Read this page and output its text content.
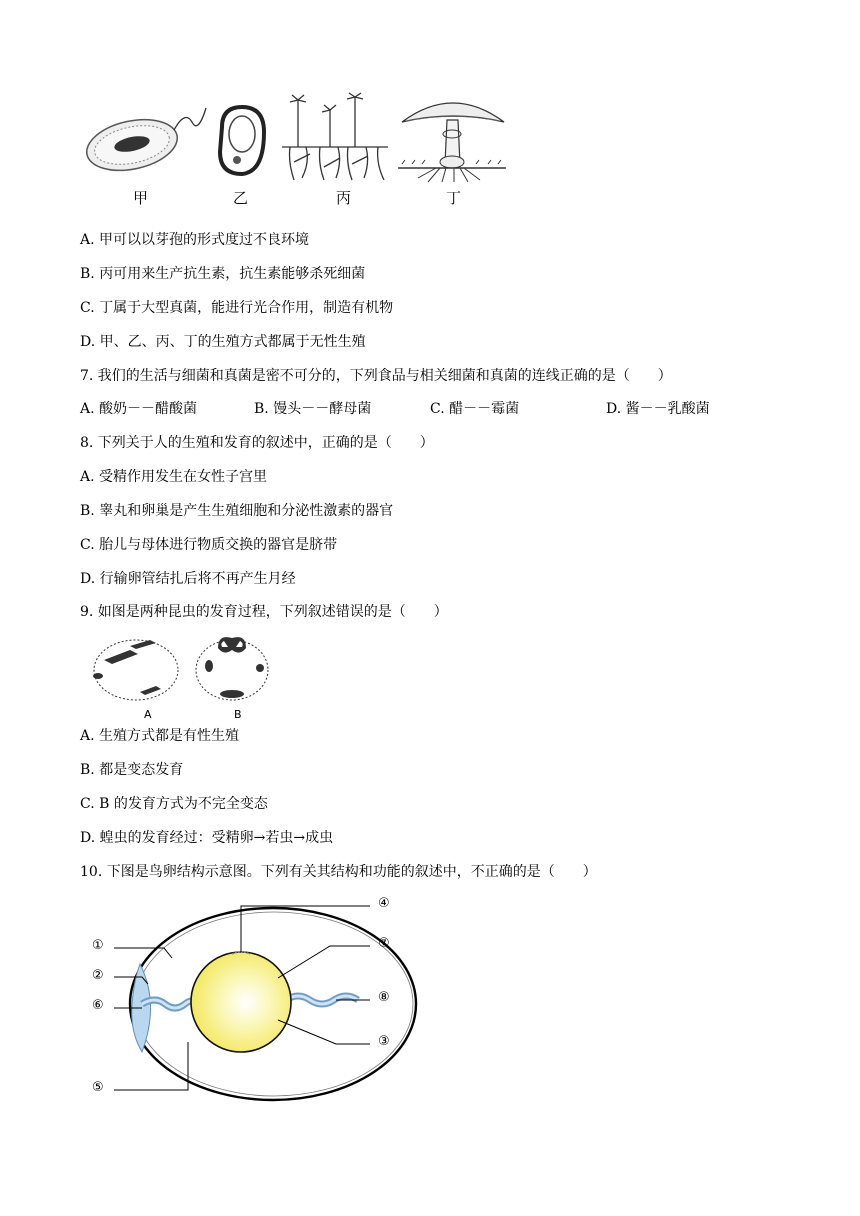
甲	乙	丙	丁
A. 甲可以以芽孢的形式度过不良环境
B. 丙可用来生产抗生素，抗生素能够杀死细菌
C. 丁属于大型真菌，能进行光合作用，制造有机物
D. 甲、乙、丙、丁的生殖方式都属于无性生殖
7. 我们的生活与细菌和真菌是密不可分的，下列食品与相关细菌和真菌的连线正确的是（　　）
A. 酸奶－－醋酸菌	B. 馒头－－酵母菌	C. 醋－－霉菌	D. 酱－－乳酸菌
8. 下列关于人的生殖和发育的叙述中，正确的是（　　）
A. 受精作用发生在女性子宫里
B. 睾丸和卵巢是产生生殖细胞和分泌性激素的器官
C. 胎儿与母体进行物质交换的器官是脐带
D. 行输卵管结扎后将不再产生月经
9. 如图是两种昆虫的发育过程，下列叙述错误的是（　　）
A	B
A. 生殖方式都是有性生殖
B. 都是变态发育
C. B 的发育方式为不完全变态
D. 蝗虫的发育经过：受精卵→若虫→成虫
10. 下图是鸟卵结构示意图。下列有关其结构和功能的叙述中，不正确的是（　　）
①
②
③
④
⑤
⑥
⑦
⑧
